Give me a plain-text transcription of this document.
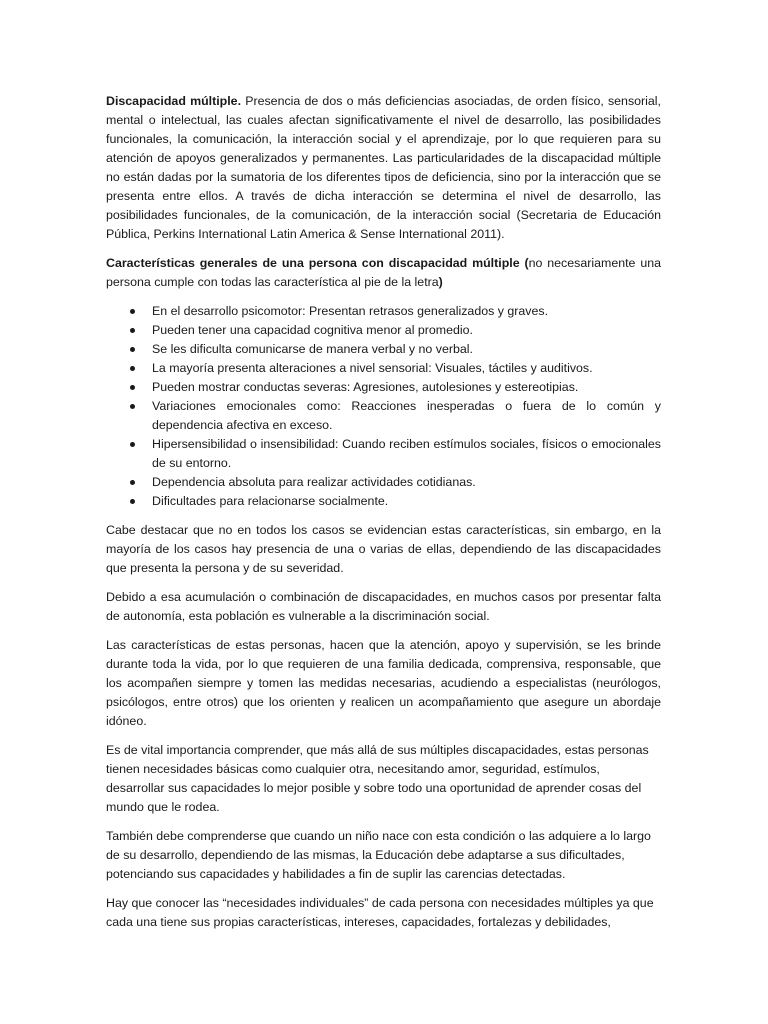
Discapacidad múltiple. Presencia de dos o más deficiencias asociadas, de orden físico, sensorial, mental o intelectual, las cuales afectan significativamente el nivel de desarrollo, las posibilidades funcionales, la comunicación, la interacción social y el aprendizaje, por lo que requieren para su atención de apoyos generalizados y permanentes. Las particularidades de la discapacidad múltiple no están dadas por la sumatoria de los diferentes tipos de deficiencia, sino por la interacción que se presenta entre ellos. A través de dicha interacción se determina el nivel de desarrollo, las posibilidades funcionales, de la comunicación, de la interacción social (Secretaria de Educación Pública, Perkins International Latin America & Sense International 2011).

Características generales de una persona con discapacidad múltiple (no necesariamente una persona cumple con todas las característica al pie de la letra)

En el desarrollo psicomotor: Presentan retrasos generalizados y graves.
Pueden tener una capacidad cognitiva menor al promedio.
Se les dificulta comunicarse de manera verbal y no verbal.
La mayoría presenta alteraciones a nivel sensorial: Visuales, táctiles y auditivos.
Pueden mostrar conductas severas: Agresiones, autolesiones y estereotipias.
Variaciones emocionales como: Reacciones inesperadas o fuera de lo común y dependencia afectiva en exceso.
Hipersensibilidad o insensibilidad: Cuando reciben estímulos sociales, físicos o emocionales de su entorno.
Dependencia absoluta para realizar actividades cotidianas.
Dificultades para relacionarse socialmente.

Cabe destacar que no en todos los casos se evidencian estas características, sin embargo, en la mayoría de los casos hay presencia de una o varias de ellas, dependiendo de las discapacidades que presenta la persona y de su severidad.

Debido a esa acumulación o combinación de discapacidades, en muchos casos por presentar falta de autonomía, esta población es vulnerable a la discriminación social.

Las características de estas personas, hacen que la atención, apoyo y supervisión, se les brinde durante toda la vida, por lo que requieren de una familia dedicada, comprensiva, responsable, que los acompañen siempre y tomen las medidas necesarias, acudiendo a especialistas (neurólogos, psicólogos, entre otros) que los orienten y realicen un acompañamiento que asegure un abordaje idóneo.

Es de vital importancia comprender, que más allá de sus múltiples discapacidades, estas personas tienen necesidades básicas como cualquier otra, necesitando amor, seguridad, estímulos, desarrollar sus capacidades lo mejor posible y sobre todo una oportunidad de aprender cosas del mundo que le rodea.

También debe comprenderse que cuando un niño nace con esta condición o las adquiere a lo largo de su desarrollo, dependiendo de las mismas, la Educación debe adaptarse a sus dificultades, potenciando sus capacidades y habilidades a fin de suplir las carencias detectadas.

Hay que conocer las “necesidades individuales” de cada persona con necesidades múltiples ya que cada una tiene sus propias características, intereses, capacidades, fortalezas y debilidades,
